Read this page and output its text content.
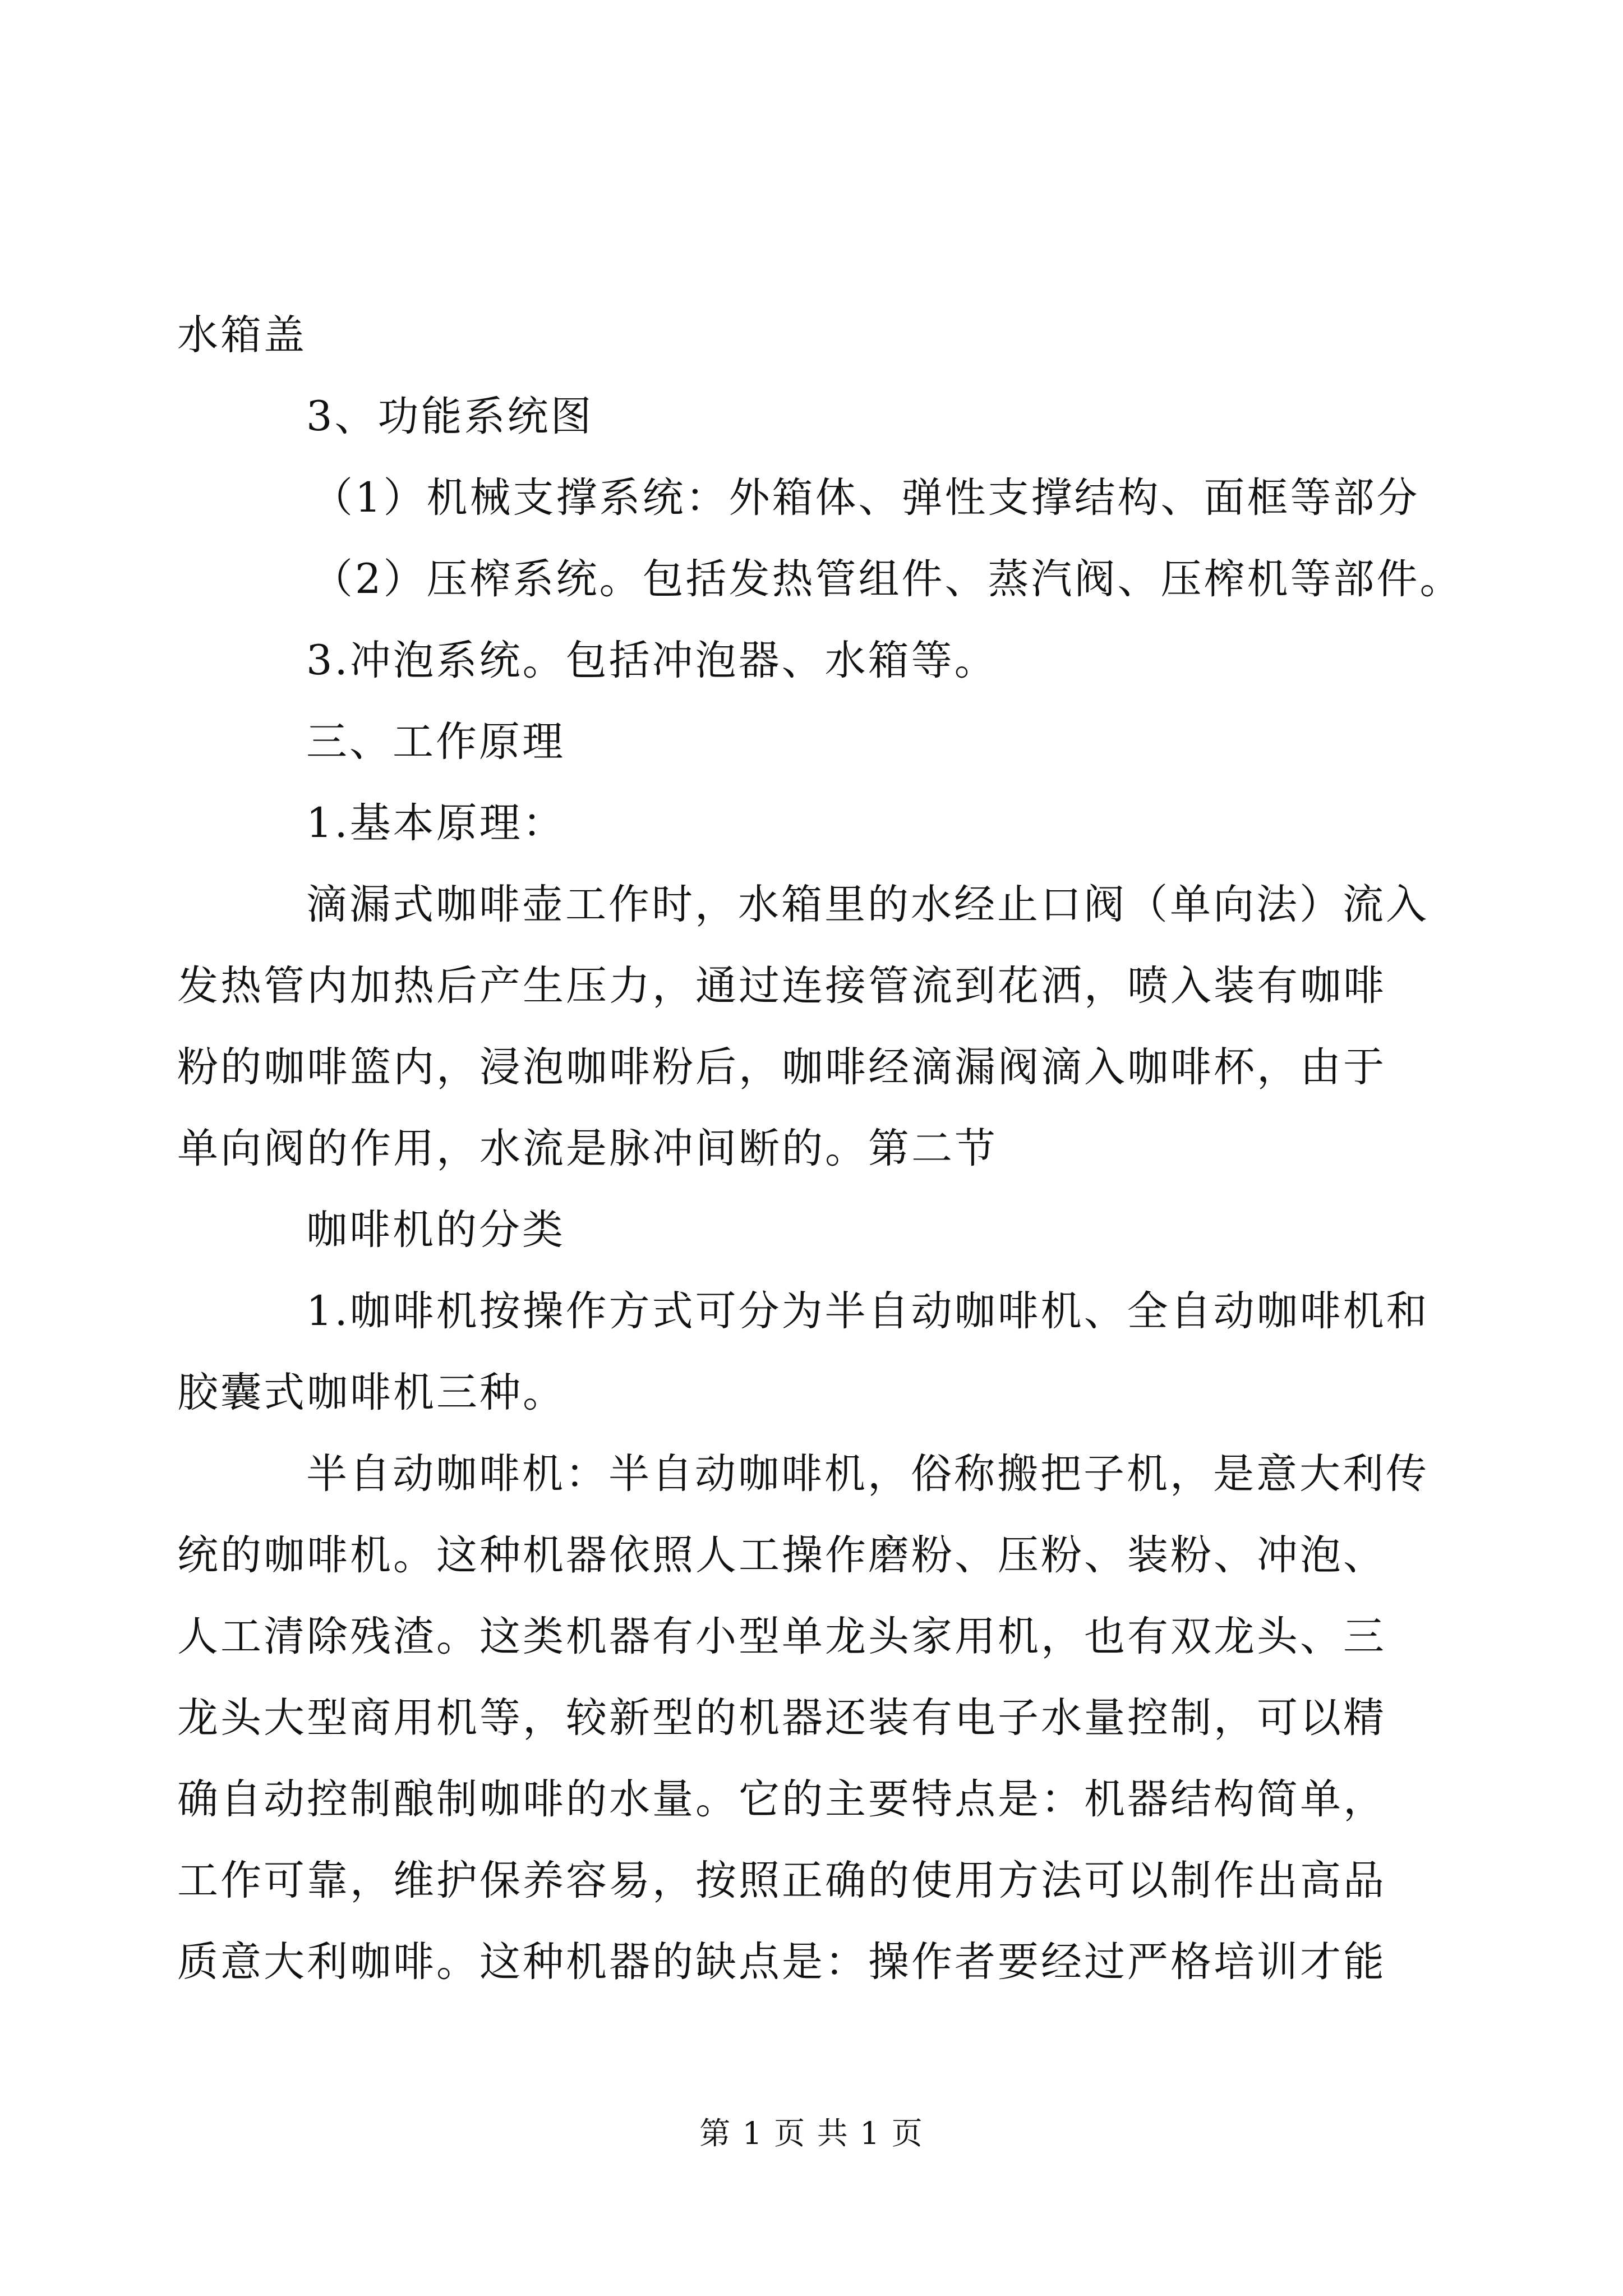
水箱盖

3、功能系统图

（1）机械支撑系统：外箱体、弹性支撑结构、面框等部分

（2）压榨系统。包括发热管组件、蒸汽阀、压榨机等部件。

3.冲泡系统。包括冲泡器、水箱等。

三、工作原理

1.基本原理：

滴漏式咖啡壶工作时，水箱里的水经止口阀（单向法）流入

发热管内加热后产生压力，通过连接管流到花洒，喷入装有咖啡

粉的咖啡篮内，浸泡咖啡粉后，咖啡经滴漏阀滴入咖啡杯，由于

单向阀的作用，水流是脉冲间断的。第二节

咖啡机的分类

1.咖啡机按操作方式可分为半自动咖啡机、全自动咖啡机和

胶囊式咖啡机三种。

半自动咖啡机：半自动咖啡机，俗称搬把子机，是意大利传

统的咖啡机。这种机器依照人工操作磨粉、压粉、装粉、冲泡、

人工清除残渣。这类机器有小型单龙头家用机，也有双龙头、三

龙头大型商用机等，较新型的机器还装有电子水量控制，可以精

确自动控制酿制咖啡的水量。它的主要特点是：机器结构简单，

工作可靠，维护保养容易，按照正确的使用方法可以制作出高品

质意大利咖啡。这种机器的缺点是：操作者要经过严格培训才能

第 1 页 共 1 页
